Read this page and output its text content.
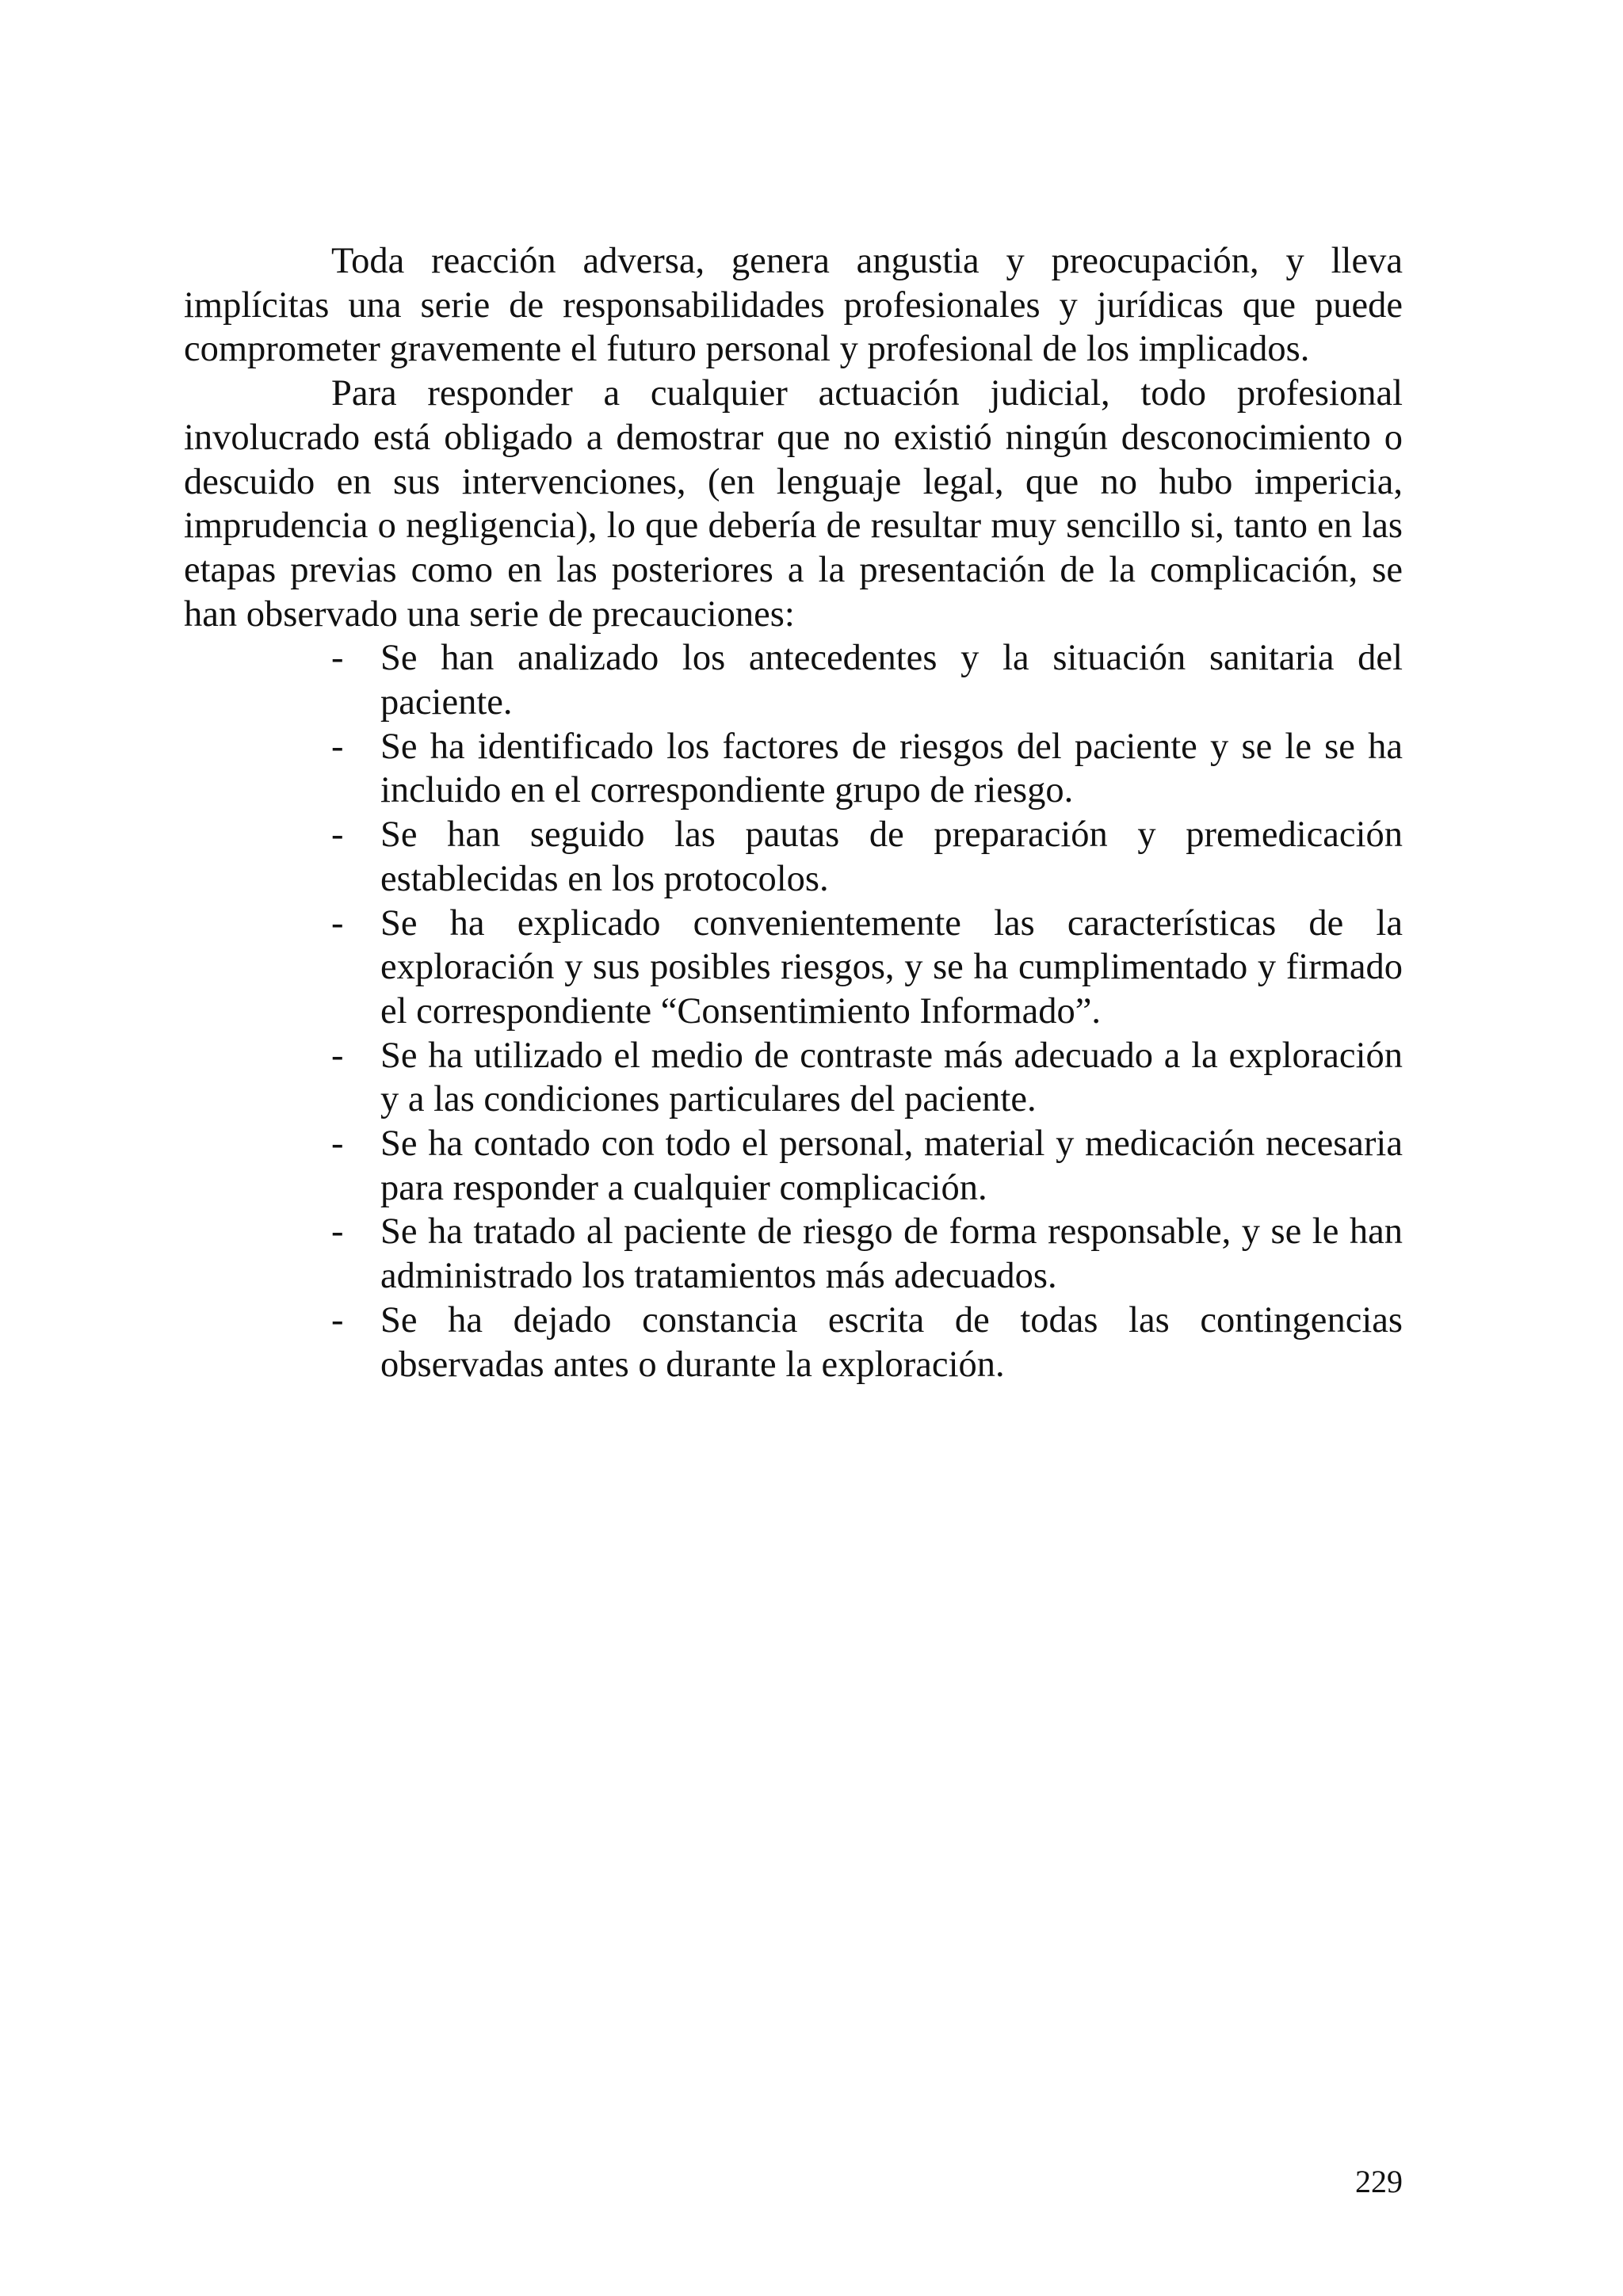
Toda reacción adversa, genera angustia y preocupación, y lleva implícitas una serie de responsabilidades profesionales y jurídicas que puede comprometer gravemente el futuro personal y profesional de los implicados.

Para responder a cualquier actuación judicial, todo profesional involucrado está obligado a demostrar que no existió ningún desconocimiento o descuido en sus intervenciones, (en lenguaje legal, que no hubo impericia, imprudencia o negligencia), lo que debería de resultar muy sencillo si, tanto en las etapas previas como en las posteriores a la presentación de la complicación, se han observado una serie de precauciones:

- Se han analizado los antecedentes y la situación sanitaria del paciente.
- Se ha identificado los factores de riesgos del paciente y se le se ha incluido en el correspondiente grupo de riesgo.
- Se han seguido las pautas de preparación y premedicación establecidas en los protocolos.
- Se ha explicado convenientemente las características de la exploración y sus posibles riesgos, y se ha cumplimentado y firmado el correspondiente “Consentimiento Informado”.
- Se ha utilizado el medio de contraste más adecuado a la exploración y a las condiciones particulares del paciente.
- Se ha contado con todo el personal, material y medicación necesaria para responder a cualquier complicación.
- Se ha tratado al paciente de riesgo de forma responsable, y se le han administrado los tratamientos más adecuados.
- Se ha dejado constancia escrita de todas las contingencias observadas antes o durante la exploración.
229
